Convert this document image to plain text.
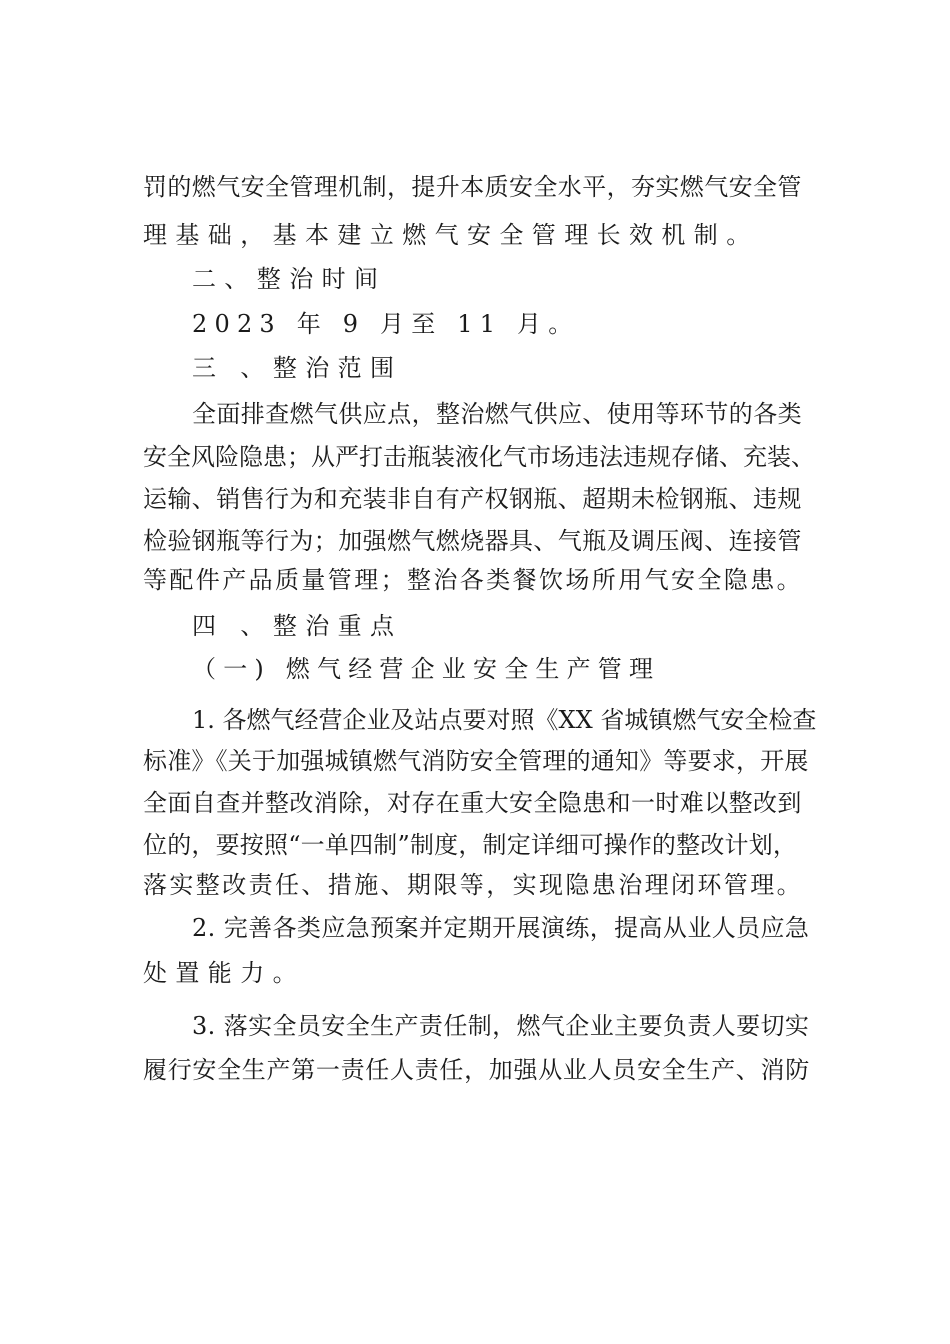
罚的燃气安全管理机制，提升本质安全水平，夯实燃气安全管
理基础，基本建立燃气安全管理长效机制。
二、整治时间
2023 年 9 月至 11 月。
三 、整治范围
全面排查燃气供应点，整治燃气供应、使用等环节的各类
安全风险隐患；从严打击瓶装液化气市场违法违规存储、充装、
运输、销售行为和充装非自有产权钢瓶、超期未检钢瓶、违规
检验钢瓶等行为；加强燃气燃烧器具、气瓶及调压阀、连接管
等配件产品质量管理；整治各类餐饮场所用气安全隐患。
四 、整治重点
（一) 燃气经营企业安全生产管理
1. 各燃气经营企业及站点要对照《XX 省城镇燃气安全检查
标准》《关于加强城镇燃气消防安全管理的通知》等要求，开展
全面自查并整改消除，对存在重大安全隐患和一时难以整改到
位的，要按照“一单四制”制度，制定详细可操作的整改计划，
落实整改责任、措施、期限等，实现隐患治理闭环管理。
2. 完善各类应急预案并定期开展演练，提高从业人员应急
处置能力。
3. 落实全员安全生产责任制，燃气企业主要负责人要切实
履行安全生产第一责任人责任，加强从业人员安全生产、消防
